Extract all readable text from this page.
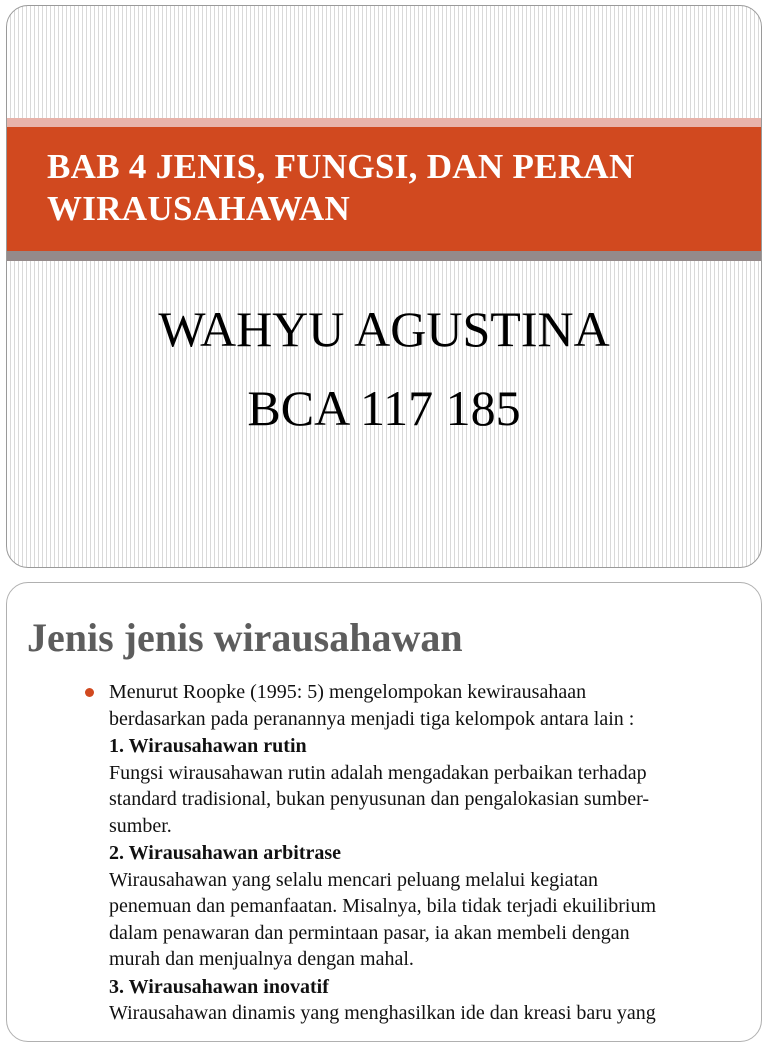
BAB 4 JENIS, FUNGSI, DAN PERAN
WIRAUSAHAWAN
WAHYU AGUSTINA
BCA 117 185
Jenis jenis wirausahawan

Menurut Roopke (1995: 5) mengelompokan kewirausahaan

berdasarkan pada peranannya menjadi tiga kelompok antara lain :

1. Wirausahawan rutin

Fungsi wirausahawan rutin adalah mengadakan perbaikan terhadap

standard tradisional, bukan penyusunan dan pengalokasian sumber-

sumber.

2. Wirausahawan arbitrase

Wirausahawan yang selalu mencari peluang melalui kegiatan

penemuan dan pemanfaatan. Misalnya, bila tidak terjadi ekuilibrium

dalam penawaran dan permintaan pasar, ia akan membeli dengan

murah dan menjualnya dengan mahal.

3. Wirausahawan inovatif

Wirausahawan dinamis yang menghasilkan ide dan kreasi baru yang
